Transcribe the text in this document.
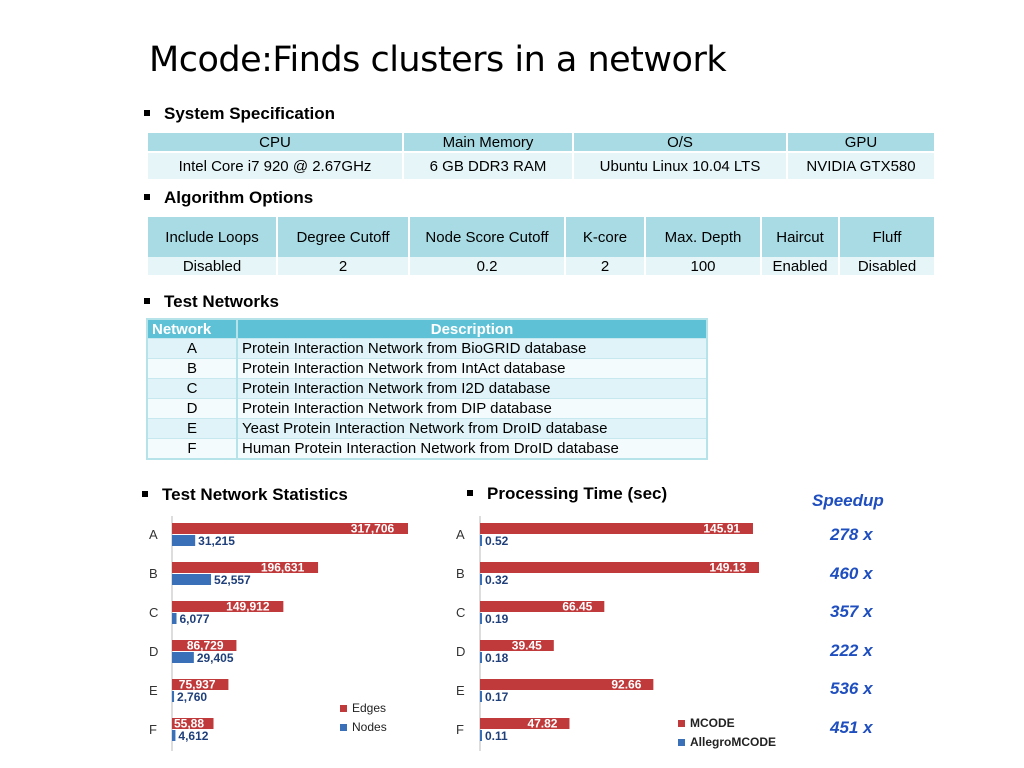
Mcode:Finds clusters in a network
System Specification
CPU	Main Memory	O/S	GPU
Intel Core i7 920 @ 2.67GHz	6 GB DDR3 RAM	Ubuntu Linux 10.04 LTS	NVIDIA GTX580
Algorithm Options
Include Loops	Degree Cutoff	Node Score Cutoff	K-core	Max. Depth	Haircut	Fluff
Disabled	2	0.2	2	100	Enabled	Disabled
Test Networks
Network	Description
A	Protein Interaction Network from BioGRID database
B	Protein Interaction Network from IntAct database
C	Protein Interaction Network from I2D database
D	Protein Interaction Network from DIP database
E	Yeast Protein Interaction Network from DroID database
F	Human Protein Interaction Network from DroID database
Test Network Statistics	Processing Time (sec)	Speedup
A	317,706
31,215
B	196,631
52,557
C	149,912
6,077
D 86,729
29,405
E 75,937
2,760
F 55,88
4,612
Edges
Nodes
A	145.91
0.52
B	149.13
0.32
C	66.45
0.19
D	39.45
0.18
E	92.66
0.17
F	47.82
0.11
MCODE
AllegroMCODE
278 x
460 x
357 x
222 x
536 x
451 x
